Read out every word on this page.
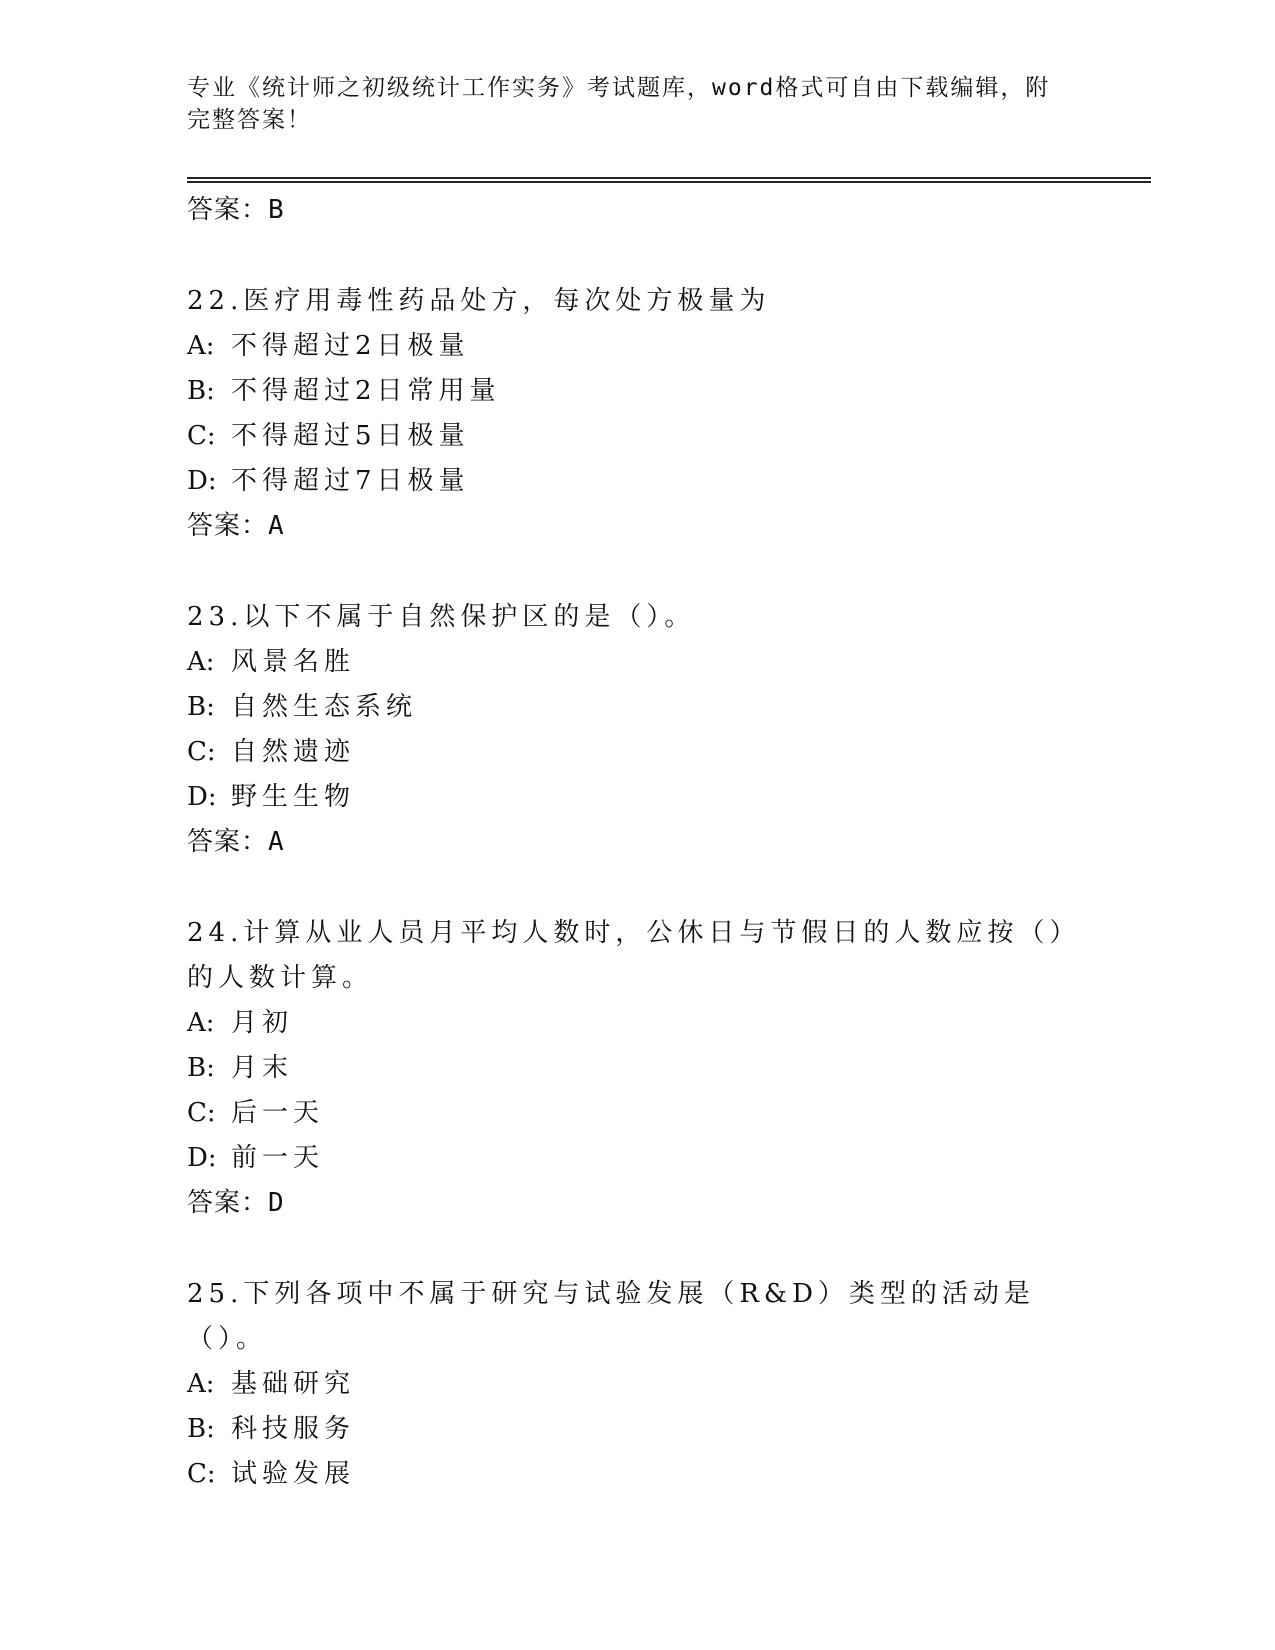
专业《统计师之初级统计工作实务》考试题库，word格式可自由下载编辑，附完整答案！
答案：B
22.医疗用毒性药品处方，每次处方极量为
A: 不得超过2日极量
B: 不得超过2日常用量
C: 不得超过5日极量
D: 不得超过7日极量
答案：A
23.以下不属于自然保护区的是（）。
A: 风景名胜
B: 自然生态系统
C: 自然遗迹
D: 野生生物
答案：A
24.计算从业人员月平均人数时，公休日与节假日的人数应按（）的人数计算。
A: 月初
B: 月末
C: 后一天
D: 前一天
答案：D
25.下列各项中不属于研究与试验发展（R&D）类型的活动是（）。
A: 基础研究
B: 科技服务
C: 试验发展
